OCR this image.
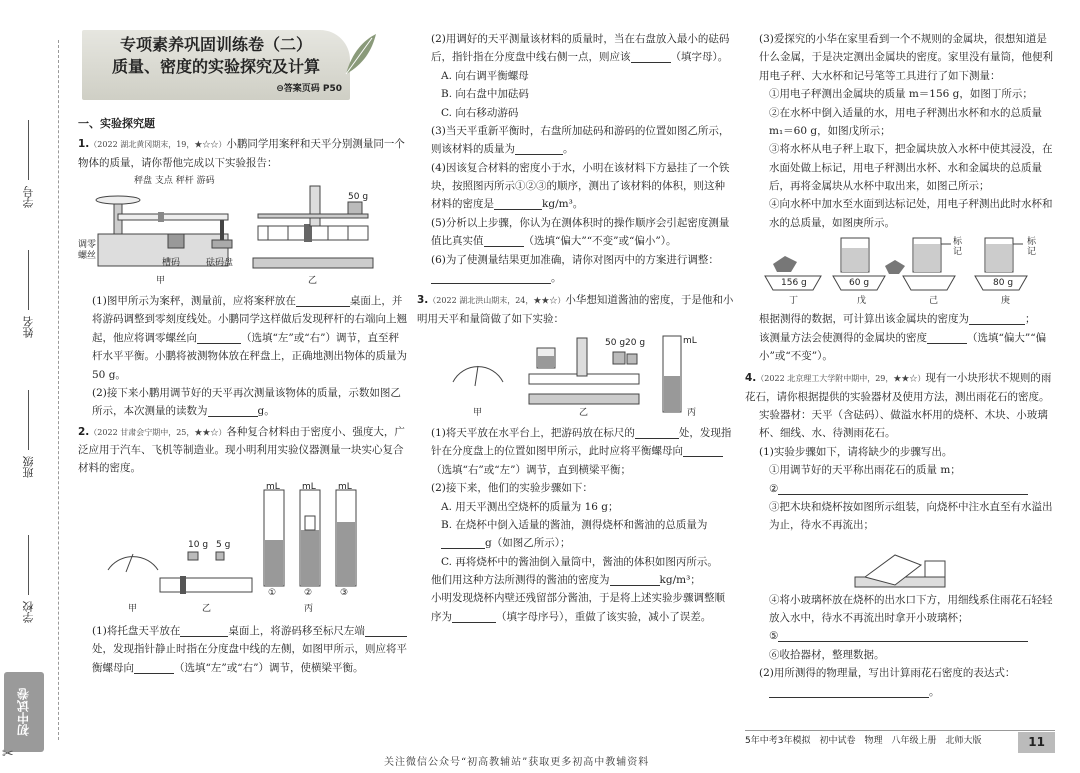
学号
姓名
班级
学校
初中试卷
✂
专项素养巩固训练卷（二）
质量、密度的实验探究及计算
⊖答案页码 P50
一、实验探究题

1.（2022 湖北黄冈期末，19，★☆☆）小鹏同学用案秤和天平分别测量同一个物体的质量，请你帮他完成以下实验报告：

秤盘 支点 秤杆 游码
调零螺丝
槽码	砝码盘
50 g
甲	乙

(1)图甲所示为案秤，测量前，应将案秤放在	桌面上，并将游码调整到零刻度线处。小鹏同学这样做后发现秤杆的右端向上翘起，他应将调零螺丝向	（选填“左”或“右”）调节，直至秤杆水平平衡。小鹏将被测物体放在秤盘上，正确地测出物体的质量为 50 g。

(2)接下来小鹏用调节好的天平再次测量该物体的质量，示数如图乙所示，本次测量的读数为	g。

2.（2022 甘肃会宁期中，25，★★☆）各种复合材料由于密度小、强度大，广泛应用于汽车、飞机等制造业。现小明利用实验仪器测量一块实心复合材料的密度。

10 g 5 g
mL mL mL
①	②	③
甲	乙	丙

(1)将托盘天平放在	桌面上，将游码移至标尺左端处，发现指针静止时指在分度盘中线的左侧，如图甲所示，则应将平衡螺母向	（选填“左”或“右”）调节，使横梁平衡。

(2)用调好的天平测量该材料的质量时，当在右盘放入最小的砝码后，指针指在分度盘中线右侧一点，则应该	（填字母）。

A. 向右调平衡螺母

B. 向右盘中加砝码

C. 向右移动游码

(3)当天平重新平衡时，右盘所加砝码和游码的位置如图乙所示，则该材料的质量为	。

(4)因该复合材料的密度小于水，小明在该材料下方悬挂了一个铁块，按照图丙所示①②③的顺序，测出了该材料的体积，则这种材料的密度是	kg/m³。

(5)分析以上步骤，你认为在测体积时的操作顺序会引起密度测量值比真实值	（选填“偏大”“不变”或“偏小”）。

(6)为了使测量结果更加准确，请你对图丙中的方案进行调整：。

3.（2022 湖北洪山期末，24，★★☆）小华想知道酱油的密度，于是他和小明用天平和量筒做了如下实验：

50 g 20 g	mL
甲	乙	丙

(1)将天平放在水平台上，把游码放在标尺的	处，发现指针在分度盘上的位置如图甲所示，此时应将平衡螺母向（选填“右”或“左”）调节，直到横梁平衡；

(2)接下来，他们的实验步骤如下：

A. 用天平测出空烧杯的质量为 16 g；

B. 在烧杯中倒入适量的酱油，测得烧杯和酱油的总质量为g（如图乙所示）；

C. 再将烧杯中的酱油倒入量筒中，酱油的体积如图丙所示。

他们用这种方法所测得的酱油的密度为	kg/m³；

小明发现烧杯内壁还残留部分酱油，于是将上述实验步骤调整顺序为	（填字母序号），重做了该实验，减小了误差。

(3)爱探究的小华在家里看到一个不规则的金属块，很想知道是什么金属，于是决定测出金属块的密度。家里没有量筒，他便利用电子秤、大水杯和记号笔等工具进行了如下测量：

①用电子秤测出金属块的质量 m＝156 g，如图丁所示；

②在水杯中倒入适量的水，用电子秤测出水杯和水的总质量 m₁＝60 g，如图戊所示；

③将水杯从电子秤上取下，把金属块放入水杯中使其浸没，在水面处做上标记，用电子秤测出水杯、水和金属块的总质量后，再将金属块从水杯中取出来，如图己所示；

④向水杯中加水至水面到达标记处，用电子秤测出此时水杯和水的总质量，如图庚所示。

156 g	60 g	80 g
标记
标记
丁	戊	己	庚

根据测得的数据，可计算出该金属块的密度为	；

该测量方法会使测得的金属块的密度	（选填“偏大”“偏小”或“不变”）。

4.（2022 北京理工大学附中期中，29，★★☆）现有一小块形状不规则的雨花石，请你根据提供的实验器材及使用方法，测出雨花石的密度。

实验器材：天平（含砝码）、做溢水杯用的烧杯、木块、小玻璃杯、细线、水、待测雨花石。

(1)实验步骤如下，请将缺少的步骤写出。

①用调节好的天平称出雨花石的质量 m；

②

③把木块和烧杯按如图所示组装，向烧杯中注水直至有水溢出为止，待水不再流出；

④将小玻璃杯放在烧杯的出水口下方，用细线系住雨花石轻轻放入水中，待水不再流出时拿开小玻璃杯；

⑤

⑥收拾器材，整理数据。

(2)用所测得的物理量，写出计算雨花石密度的表达式：

。

5年中考3年模拟　初中试卷　物理　八年级上册　北师大版	11
关注微信公众号“初高教辅站”获取更多初高中教辅资料
